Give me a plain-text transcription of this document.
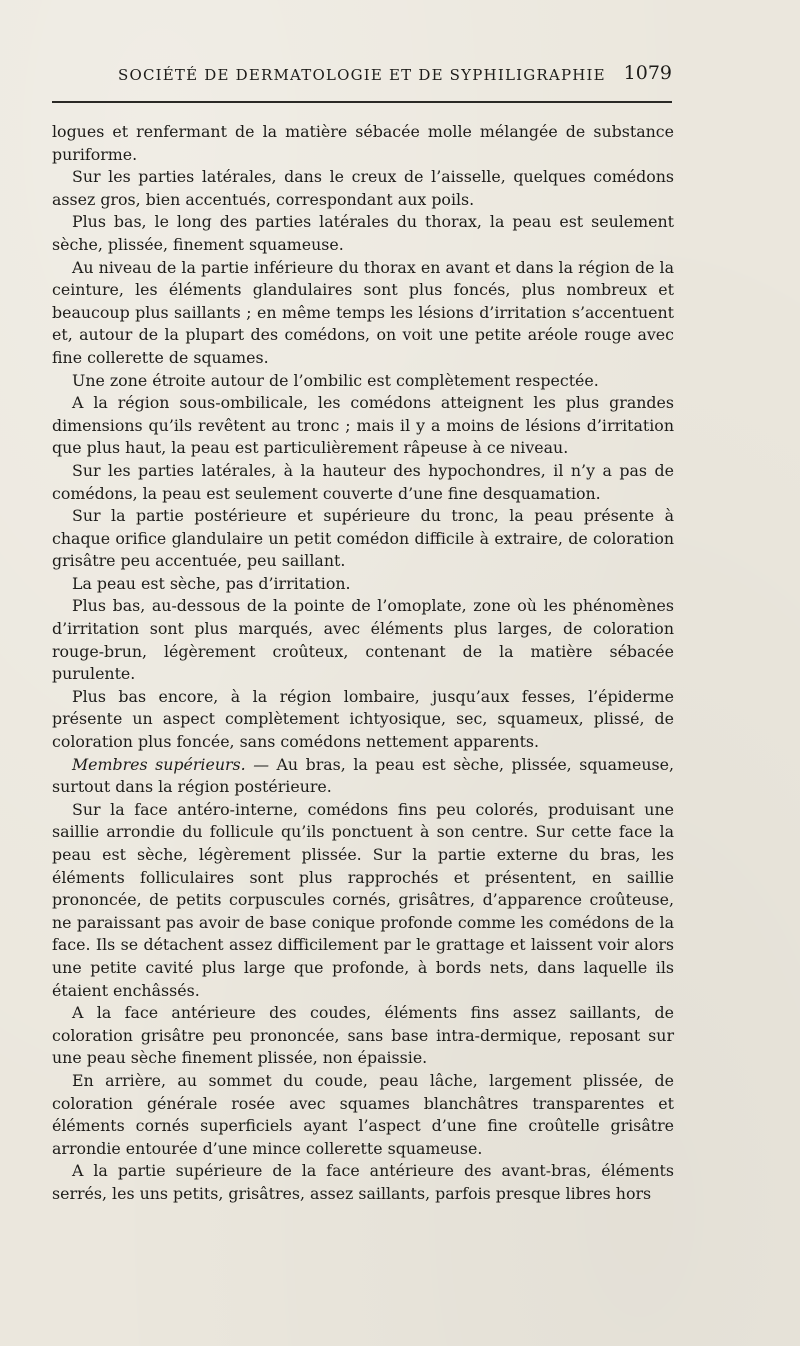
SOCIÉTÉ DE DERMATOLOGIE ET DE SYPHILIGRAPHIE 1079

logues et renfermant de la matière sébacée molle mélangée de substance puriforme.

Sur les parties latérales, dans le creux de l’aisselle, quelques comédons assez gros, bien accentués, correspondant aux poils.

Plus bas, le long des parties latérales du thorax, la peau est seulement sèche, plissée, finement squameuse.

Au niveau de la partie inférieure du thorax en avant et dans la région de la ceinture, les éléments glandulaires sont plus foncés, plus nombreux et beaucoup plus saillants ; en même temps les lésions d’irritation s’accentuent et, autour de la plupart des comédons, on voit une petite aréole rouge avec fine collerette de squames.

Une zone étroite autour de l’ombilic est complètement respectée.

A la région sous-ombilicale, les comédons atteignent les plus grandes dimensions qu’ils revêtent au tronc ; mais il y a moins de lésions d’irritation que plus haut, la peau est particulièrement râpeuse à ce niveau.

Sur les parties latérales, à la hauteur des hypochondres, il n’y a pas de comédons, la peau est seulement couverte d’une fine desquamation.

Sur la partie postérieure et supérieure du tronc, la peau présente à chaque orifice glandulaire un petit comédon difficile à extraire, de coloration grisâtre peu accentuée, peu saillant.

La peau est sèche, pas d’irritation.

Plus bas, au-dessous de la pointe de l’omoplate, zone où les phénomènes d’irritation sont plus marqués, avec éléments plus larges, de coloration rouge-brun, légèrement croûteux, contenant de la matière sébacée purulente.

Plus bas encore, à la région lombaire, jusqu’aux fesses, l’épiderme présente un aspect complètement ichtyosique, sec, squameux, plissé, de coloration plus foncée, sans comédons nettement apparents.

Membres supérieurs. — Au bras, la peau est sèche, plissée, squameuse, surtout dans la région postérieure.

Sur la face antéro-interne, comédons fins peu colorés, produisant une saillie arrondie du follicule qu’ils ponctuent à son centre. Sur cette face la peau est sèche, légèrement plissée. Sur la partie externe du bras, les éléments folliculaires sont plus rapprochés et présentent, en saillie prononcée, de petits corpuscules cornés, grisâtres, d’apparence croûteuse, ne paraissant pas avoir de base conique profonde comme les comédons de la face. Ils se détachent assez difficilement par le grattage et laissent voir alors une petite cavité plus large que profonde, à bords nets, dans laquelle ils étaient enchâssés.

A la face antérieure des coudes, éléments fins assez saillants, de coloration grisâtre peu prononcée, sans base intra-dermique, reposant sur une peau sèche finement plissée, non épaissie.

En arrière, au sommet du coude, peau lâche, largement plissée, de coloration générale rosée avec squames blanchâtres transparentes et éléments cornés superficiels ayant l’aspect d’une fine croûtelle grisâtre arrondie entourée d’une mince collerette squameuse.

A la partie supérieure de la face antérieure des avant-bras, éléments serrés, les uns petits, grisâtres, assez saillants, parfois presque libres hors
